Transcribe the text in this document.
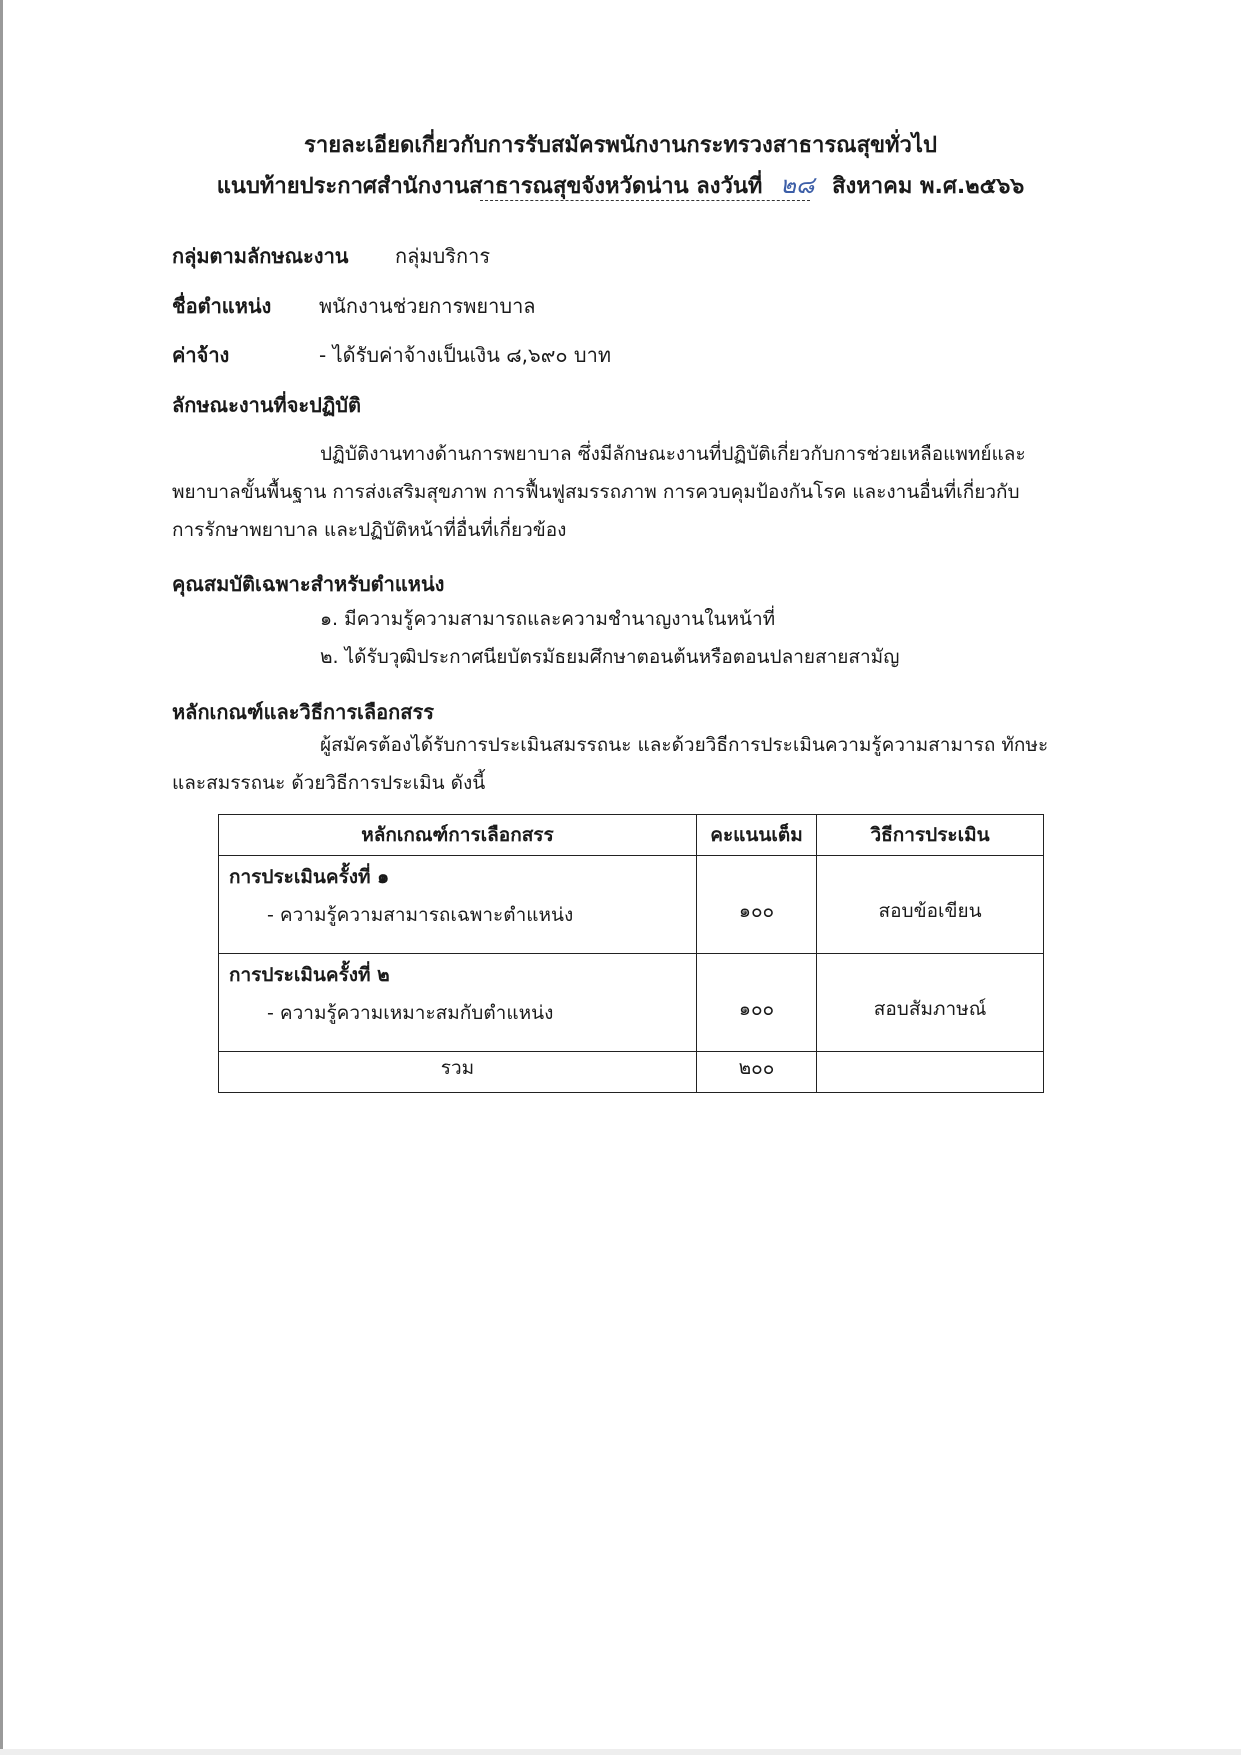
รายละเอียดเกี่ยวกับการรับสมัครพนักงานกระทรวงสาธารณสุขทั่วไป
แนบท้ายประกาศสำนักงานสาธารณสุขจังหวัดน่าน ลงวันที่ ๒๘ สิงหาคม พ.ศ.๒๕๖๖
กลุ่มตามลักษณะงาน กลุ่มบริการ
ชื่อตำแหน่ง พนักงานช่วยการพยาบาล
ค่าจ้าง	- ได้รับค่าจ้างเป็นเงิน ๘,๖๙๐ บาท
ลักษณะงานที่จะปฏิบัติ
ปฏิบัติงานทางด้านการพยาบาล ซึ่งมีลักษณะงานที่ปฏิบัติเกี่ยวกับการช่วยเหลือแพทย์และ
พยาบาลขั้นพื้นฐาน การส่งเสริมสุขภาพ การฟื้นฟูสมรรถภาพ การควบคุมป้องกันโรค และงานอื่นที่เกี่ยวกับ
การรักษาพยาบาล และปฏิบัติหน้าที่อื่นที่เกี่ยวข้อง
คุณสมบัติเฉพาะสำหรับตำแหน่ง
๑. มีความรู้ความสามารถและความชำนาญงานในหน้าที่
๒. ได้รับวุฒิประกาศนียบัตรมัธยมศึกษาตอนต้นหรือตอนปลายสายสามัญ
หลักเกณฑ์และวิธีการเลือกสรร
ผู้สมัครต้องได้รับการประเมินสมรรถนะ และด้วยวิธีการประเมินความรู้ความสามารถ ทักษะ
และสมรรถนะ ด้วยวิธีการประเมิน ดังนี้
หลักเกณฑ์การเลือกสรร	คะแนนเต็ม	วิธีการประเมิน

การประเมินครั้งที่ ๑
- ความรู้ความสามารถเฉพาะตำแหน่ง	๑๐๐	สอบข้อเขียน

การประเมินครั้งที่ ๒
- ความรู้ความเหมาะสมกับตำแหน่ง	๑๐๐	สอบสัมภาษณ์
รวม	๒๐๐	
